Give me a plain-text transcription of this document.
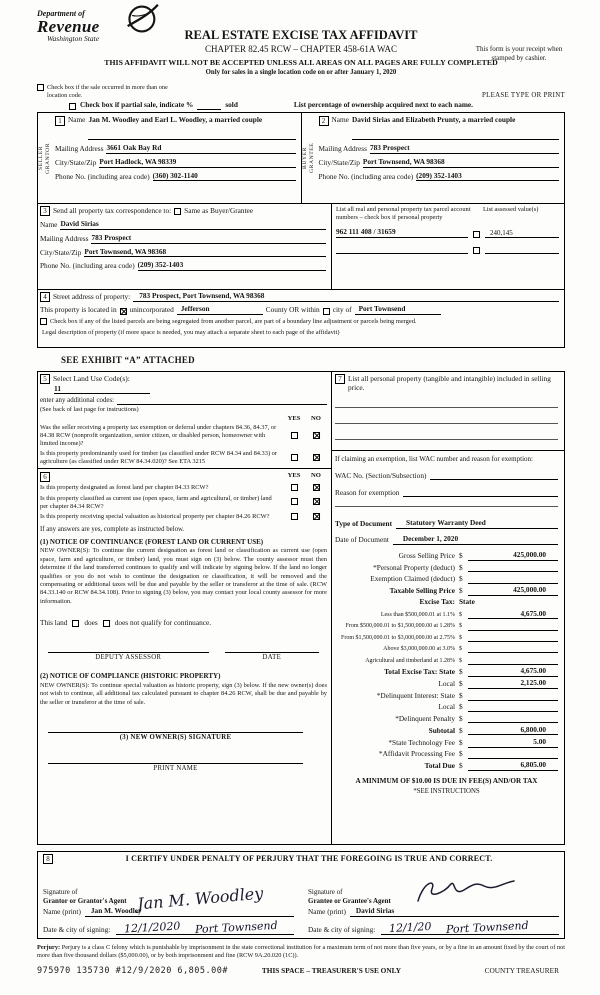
Department of
Revenue
Washington State	REAL ESTATE EXCISE TAX AFFIDAVIT
CHAPTER 82.45 RCW – CHAPTER 458-61A WAC
THIS AFFIDAVIT WILL NOT BE ACCEPTED UNLESS ALL AREAS ON ALL PAGES ARE FULLY COMPLETED
Only for sales in a single location code on or after January 1, 2020
This form is your receipt when stamped by cashier.
Check box if the sale occurred in more than one location code.	PLEASE TYPE OR PRINT
Check box if partial sale, indicate %	sold	List percentage of ownership acquired next to each name.
SELLER GRANTOR
1 Name Jan M. Woodley and Earl L. Woodley, a married couple
Mailing Address 3661 Oak Bay Rd
City/State/Zip Port Hadlock, WA 98339
Phone No. (including area code) (360) 302-1140
BUYER GRANTEE
2 Name David Sirias and Elizabeth Prunty, a married couple
Mailing Address 783 Prospect
City/State/Zip Port Townsend, WA 98368
Phone No. (including area code) (209) 352-1403
3 Send all property tax correspondence to: Same as Buyer/Grantee
Name David Sirias
Mailing Address 783 Prospect
City/State/Zip Port Townsend, WA 98368
Phone No. (including area code) (209) 352-1403
List all real and personal property tax parcel account numbers – check box if personal property
List assessed value(s)
962 111 408 / 31659	240,145
4 Street address of property:	783 Prospect, Port Townsend, WA 98368
This property is located in unincorporated Jefferson	County OR within city of Port Townsend
Check box if any of the listed parcels are being segregated from another parcel, are part of a boundary line adjustment or parcels being merged.
Legal description of property (if more space is needed, you may attach a separate sheet to each page of the affidavit)
SEE EXHIBIT “A” ATTACHED
5 Select Land Use Code(s):
11
enter any additional codes:
(See back of last page for instructions)
YES	NO
Was the seller receiving a property tax exemption or deferral under chapters 84.36, 84.37, or 84.38 RCW (nonprofit organization, senior citizen, or disabled person, homeowner with limited income)?
Is this property predominantly used for timber (as classified under RCW 84.34 and 84.33) or agriculture (as classified under RCW 84.34.020)? See ETA 3215
6	YES	NO
Is this property designated as forest land per chapter 84.33 RCW?
Is this property classified as current use (open space, farm and agricultural, or timber) land per chapter 84.34 RCW?
Is this property receiving special valuation as historical property per chapter 84.26 RCW?
If any answers are yes, complete as instructed below.
(1) NOTICE OF CONTINUANCE (FOREST LAND OR CURRENT USE)
NEW OWNER(S): To continue the current designation as forest land or classification as current use (open space, farm and agriculture, or timber) land, you must sign on (3) below. The county assessor must then determine if the land transferred continues to qualify and will indicate by signing below. If the land no longer qualifies or you do not wish to continue the designation or classification, it will be removed and the compensating or additional taxes will be due and payable by the seller or transferor at the time of sale. (RCW 84.33.140 or RCW 84.34.108). Prior to signing (3) below, you may contact your local county assessor for more information.
This land does does not qualify for continuance.
DEPUTY ASSESSOR	DATE
(2) NOTICE OF COMPLIANCE (HISTORIC PROPERTY)
NEW OWNER(S): To continue special valuation as historic property, sign (3) below. If the new owner(s) does not wish to continue, all additional tax calculated pursuant to chapter 84.26 RCW, shall be due and payable by the seller or transferor at the time of sale.
(3) NEW OWNER(S) SIGNATURE
PRINT NAME
7 List all personal property (tangible and intangible) included in selling price.
If claiming an exemption, list WAC number and reason for exemption:
WAC No. (Section/Subsection)
Reason for exemption
Type of Document	Statutory Warranty Deed
Date of Document	December 1, 2020
Gross Selling Price $	425,000.00
*Personal Property (deduct) $
Exemption Claimed (deduct) $
Taxable Selling Price $	425,000.00
Excise Tax: State
Less than $500,000.01 at 1.1% $	4,675.00
From $500,000.01 to $1,500,000.00 at 1.28% $
From $1,500,000.01 to $3,000,000.00 at 2.75% $
Above $3,000,000.00 at 3.0% $
Agricultural and timberland at 1.28% $
Total Excise Tax: State $	4,675.00
Local $	2,125.00
*Delinquent Interest: State $
Local $
*Delinquent Penalty $
Subtotal $	6,800.00
*State Technology Fee $	5.00
*Affidavit Processing Fee $
Total Due $	6,805.00
A MINIMUM OF $10.00 IS DUE IN FEE(S) AND/OR TAX
*SEE INSTRUCTIONS
8	I CERTIFY UNDER PENALTY OF PERJURY THAT THE FOREGOING IS TRUE AND CORRECT.
Signature of
Grantor or Grantor's Agent Jan M. Woodley
Name (print)	Jan M. Woodley
Date & city of signing: 12/1/2020 Port Townsend
Signature of
Grantee or Grantee's Agent
Name (print)	David Sirias
Date & city of signing: 12/1/20 Port Townsend
Perjury: Perjury is a class C felony which is punishable by imprisonment in the state correctional institution for a maximum term of not more than five years, or by a fine in an amount fixed by the court of not more than five thousand dollars ($5,000.00), or by both imprisonment and fine (RCW 9A.20.020 (1C)).
975970 135730 #12/9/2020 6,805.00#	THIS SPACE – TREASURER'S USE ONLY	COUNTY TREASURER
